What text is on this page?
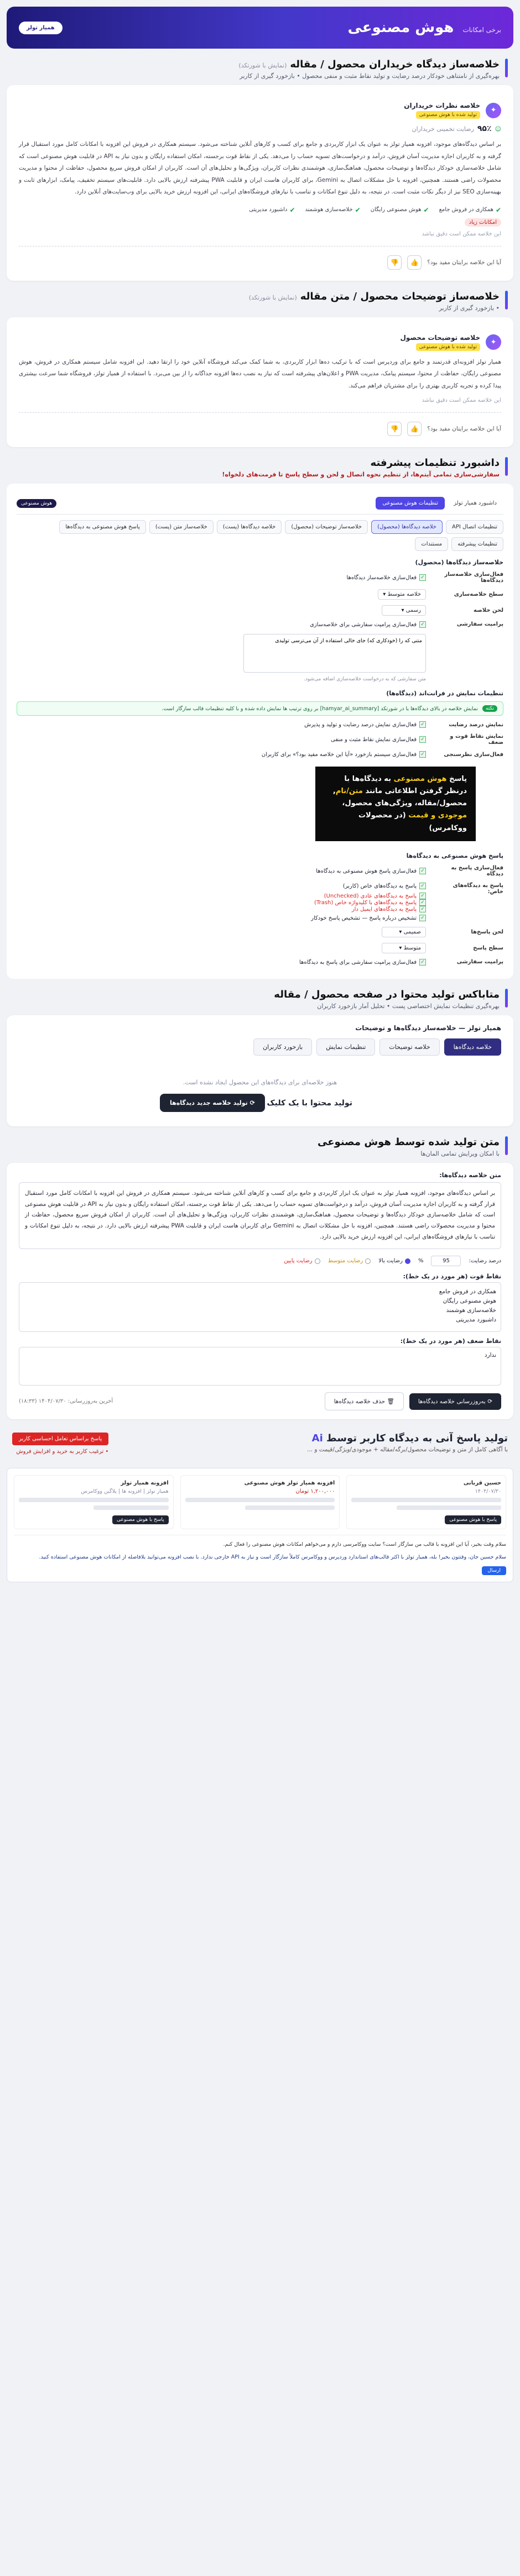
برخی امکانات
هوش مصنوعی
همیار‌ تولز
خلاصه‌ساز دیدگاه خریداران محصول / مقاله(نمایش با شورتکد)
بهره‌گیری از نامتناهی خودکار درصد رضایت و تولید نقاط مثبت و منفی محصول • بازخورد گیری از کاربر
✦
خلاصه نظرات خریداران
تولید شده با هوش مصنوعی
☺
۹۵٪
رضایت تخمینی خریداران

بر اساس دیدگاه‌های موجود، افزونه همیار تولز به عنوان یک ابزار کاربردی و جامع برای کسب و کارهای آنلاین شناخته می‌شود. سیستم همکاری در فروش این افزونه با امکانات کامل مورد استقبال قرار گرفته و به کاربران اجازه مدیریت آسان فروش، درآمد و درخواست‌های تسویه حساب را می‌دهد. یکی از نقاط قوت برجسته، امکان استفاده رایگان و بدون نیاز به API در قابلیت هوش مصنوعی است که شامل خلاصه‌سازی خودکار دیدگاه‌ها و توضیحات محصول، هماهنگ‌سازی، هوشمندی نظرات کاربران، ویژگی‌ها و تحلیل‌های آن است. کاربران از امکان فروش سریع محصول، حفاظت از محتوا و مدیریت محصولات راضی هستند. همچنین، افزونه با حل مشکلات اتصال به Gemini، برای کاربران هاست ایران و قابلیت PWA پیشرفته ارزش بالایی دارد. قابلیت‌های سیستم تخفیف، پیامک، ابزارهای ثابت و بهینه‌سازی SEO نیز از دیگر نکات مثبت است. در نتیجه، به دلیل تنوع امکانات و تناسب با نیازهای فروشگاه‌های ایرانی، این افزونه ارزش خرید بالایی برای وب‌سایت‌های آنلاین دارد.

✔
همکاری در فروش جامع
✔
هوش مصنوعی رایگان
✔
خلاصه‌سازی هوشمند
✔
داشبورد مدیریتی
امکانات زیاد
این خلاصه ممکن است دقیق نباشد
آیا این خلاصه برایتان مفید بود؟
👍
👎
خلاصه‌ساز توضیحات محصول / متن مقاله(نمایش با شورتکد)
• بازخورد گیری از کاربر
✦
خلاصه توضیحات محصول
تولید شده با هوش مصنوعی

همیار تولز افزونه‌ای قدرتمند و جامع برای وردپرس است که با ترکیب ده‌ها ابزار کاربردی، به شما کمک می‌کند فروشگاه آنلاین خود را ارتقا دهید. این افزونه شامل سیستم همکاری در فروش، هوش مصنوعی رایگان، حفاظت از محتوا، سیستم پیامک، مدیریت PWA و اعلان‌های پیشرفته است که نیاز به نصب ده‌ها افزونه جداگانه را از بین می‌برد. با استفاده از همیار تولز، فروشگاه شما سرعت بیشتری پیدا کرده و تجربه کاربری بهتری را برای مشتریان فراهم می‌کند.

این خلاصه ممکن است دقیق نباشد
آیا این خلاصه برایتان مفید بود؟
👍
👎
داشبورد تنظیمات پیشرفته
سفارشی‌سازی تمامی آیتم‌ها، از تنظیم نحوه اتصال و لحن و سطح پاسخ تا فرمت‌های دلخواه!
داشبورد همیار‌ تولز
تنظیمات هوش مصنوعی
هوش مصنوعی
تنظیمات اتصال API
خلاصه دیدگاه‌ها (محصول)
خلاصه‌ساز توضیحات (محصول)
خلاصه دیدگاه‌ها (پست)
خلاصه‌ساز متن (پست)
پاسخ هوش مصنوعی به دیدگاه‌ها
تنظیمات پیشرفته
مستندات
خلاصه‌ساز دیدگاه‌ها (محصول)
فعال‌سازی خلاصه‌ساز دیدگاه‌ها
✓فعال‌سازی خلاصه‌ساز دیدگاه‌ها
سطح خلاصه‌سازی
خلاصه متوسط ▾
لحن خلاصه
رسمی ▾
پرامپت سفارشی
✓فعال‌سازی پرامپت سفارشی برای خلاصه‌سازی

متنی که را (خودکاری که) جای ​​خالی استفاده از آن می‌ترسی تولیدی
متن سفارشی که به درخواست خلاصه‌سازی اضافه می‌شود.
تنظیمات نمایش در فرانت‌اند (دیدگاه‌ها)
نکته
نمایش خلاصه در بالای دیدگاه‌ها یا در شورتکد [hamyar_ai_summary] بر روی ترتیب ها نمایش داده شده و با کلیه تنظیمات قالب سازگار است.
نمایش درصد رضایت
✓فعال‌سازی نمایش درصد رضایت و تولید و پذیرش
نمایش نقاط قوت و ضعف
✓فعال‌سازی نمایش نقاط مثبت و منفی
فعال‌سازی نظرسنجی
✓فعال‌سازی سیستم بازخورد «آیا این خلاصه مفید بود؟» برای کاربران
پاسخ هوش مصنوعی به دیدگاه‌ها با درنظر گرفتن اطلاعاتی مانند متن/نام, محصول/مقاله، ویژگی‌های محصول، موجودی و قیمت (در محصولات ووکامرس)
پاسخ هوش مصنوعی به دیدگاه‌ها
فعال‌سازی پاسخ به دیدگاه
✓فعال‌سازی پاسخ هوش مصنوعی به دیدگاه‌ها
پاسخ به دیدگاه‌های خاص:
✓پاسخ به دیدگاه‌های خاص (کاربر)
✓پاسخ به دیدگاه‌های عادی (Unchecked)
✓پاسخ به دیدگاه‌های با کلیدواژه خاص (Trash)
✓پاسخ به دیدگاه‌های ایمیل دار
✓تشخیص درباره پاسخ — تشخیص پاسخ خودکار
لحن پاسخ‌ها
صمیمی ▾
سطح پاسخ
متوسط ▾
پرامپت سفارشی
✓فعال‌سازی پرامپت سفارشی برای پاسخ به دیدگاه‌ها
متاباکس تولید محتوا در صفحه محصول / مقاله
بهره‌گیری تنظیمات نمایش اختصاصی پست • تحلیل آمار بازخورد کاربران
همیار تولز — خلاصه‌ساز دیدگاه‌ها و توضیحات
خلاصه دیدگاه‌ها
خلاصه توضیحات
تنظیمات نمایش
بازخورد کاربران
هنوز خلاصه‌ای برای دیدگاه‌های این محصول ایجاد نشده است.
تولید محتوا با یک کلیک ⟳ تولید خلاصه جدید دیدگاه‌ها
متن تولید شده توسط هوش مصنوعی
با امکان ویرایش تمامی المان‌ها
متن خلاصه دیدگاه‌ها:
بر اساس دیدگاه‌های موجود، افزونه همیار تولز به عنوان یک ابزار کاربردی و جامع برای کسب و کارهای آنلاین شناخته می‌شود. سیستم همکاری در فروش این افزونه با امکانات کامل مورد استقبال قرار گرفته و به کاربران اجازه مدیریت آسان فروش، درآمد و درخواست‌های تسویه حساب را می‌دهد. یکی از نقاط قوت برجسته، امکان استفاده رایگان و بدون نیاز به API در قابلیت هوش مصنوعی است که شامل خلاصه‌سازی خودکار دیدگاه‌ها و توضیحات محصول، هماهنگ‌سازی، هوشمندی نظرات کاربران، ویژگی‌ها و تحلیل‌های آن است. کاربران از امکان فروش سریع محصول، حفاظت از محتوا و مدیریت محصولات راضی هستند. همچنین، افزونه با حل مشکلات اتصال به Gemini برای کاربران هاست ایران و قابلیت PWA پیشرفته ارزش بالایی دارد. در نتیجه، به دلیل تنوع امکانات و تناسب با نیازهای فروشگاه‌های ایرانی، این افزونه ارزش خرید بالایی دارد.
درصد رضایت:
95
%
رضایت بالا
رضایت متوسط
رضایت پایین
نقاط قوت (هر مورد در یک خط):
همکاری در فروش جامع
هوش مصنوعی رایگان
خلاصه‌سازی هوشمند
داشبورد مدیریتی
نقاط ضعف (هر مورد در یک خط):
ندارد
⟳ به‌روزرسانی خلاصه دیدگاه‌ها
🗑 حذف خلاصه دیدگاه‌ها
آخرین به‌روزرسانی: ۱۴۰۴/۰۷/۳۰ (۱۸:۳۳)
تولید پاسخ آنی به دیدگاه کاربر توسط Ai
با آگاهی کامل از متن و توضیحات محصول/برگه/مقاله + موجودی/ویژگی/قیمت و ...
پاسخ براساس تعامل احساسی کاربر
• ترغیب کاربر به خرید و افزایش فروش
حسین قربانی
۱۴۰۴/۰۷/۳۰
پاسخ با هوش مصنوعی
افزونه همیار‌ تولز هوش مصنوعی
۱,۲۰۰,۰۰۰ تومان
افزونه همیار‌ تولز
همیار تولز | افزونه ها | پلاگین ووکامرس
پاسخ با هوش مصنوعی

سلام وقت بخیر، آیا این افزونه با قالب من سازگار است؟ سایت ووکامرسی دارم و می‌خواهم امکانات هوش مصنوعی را فعال کنم.

سلام حسین جان، وقتتون بخیر! بله، همیار تولز با اکثر قالب‌های استاندارد وردپرس و ووکامرس کاملاً سازگار است و نیاز به API خارجی ندارد. با نصب افزونه می‌توانید بلافاصله از امکانات هوش مصنوعی استفاده کنید.

ارسال
